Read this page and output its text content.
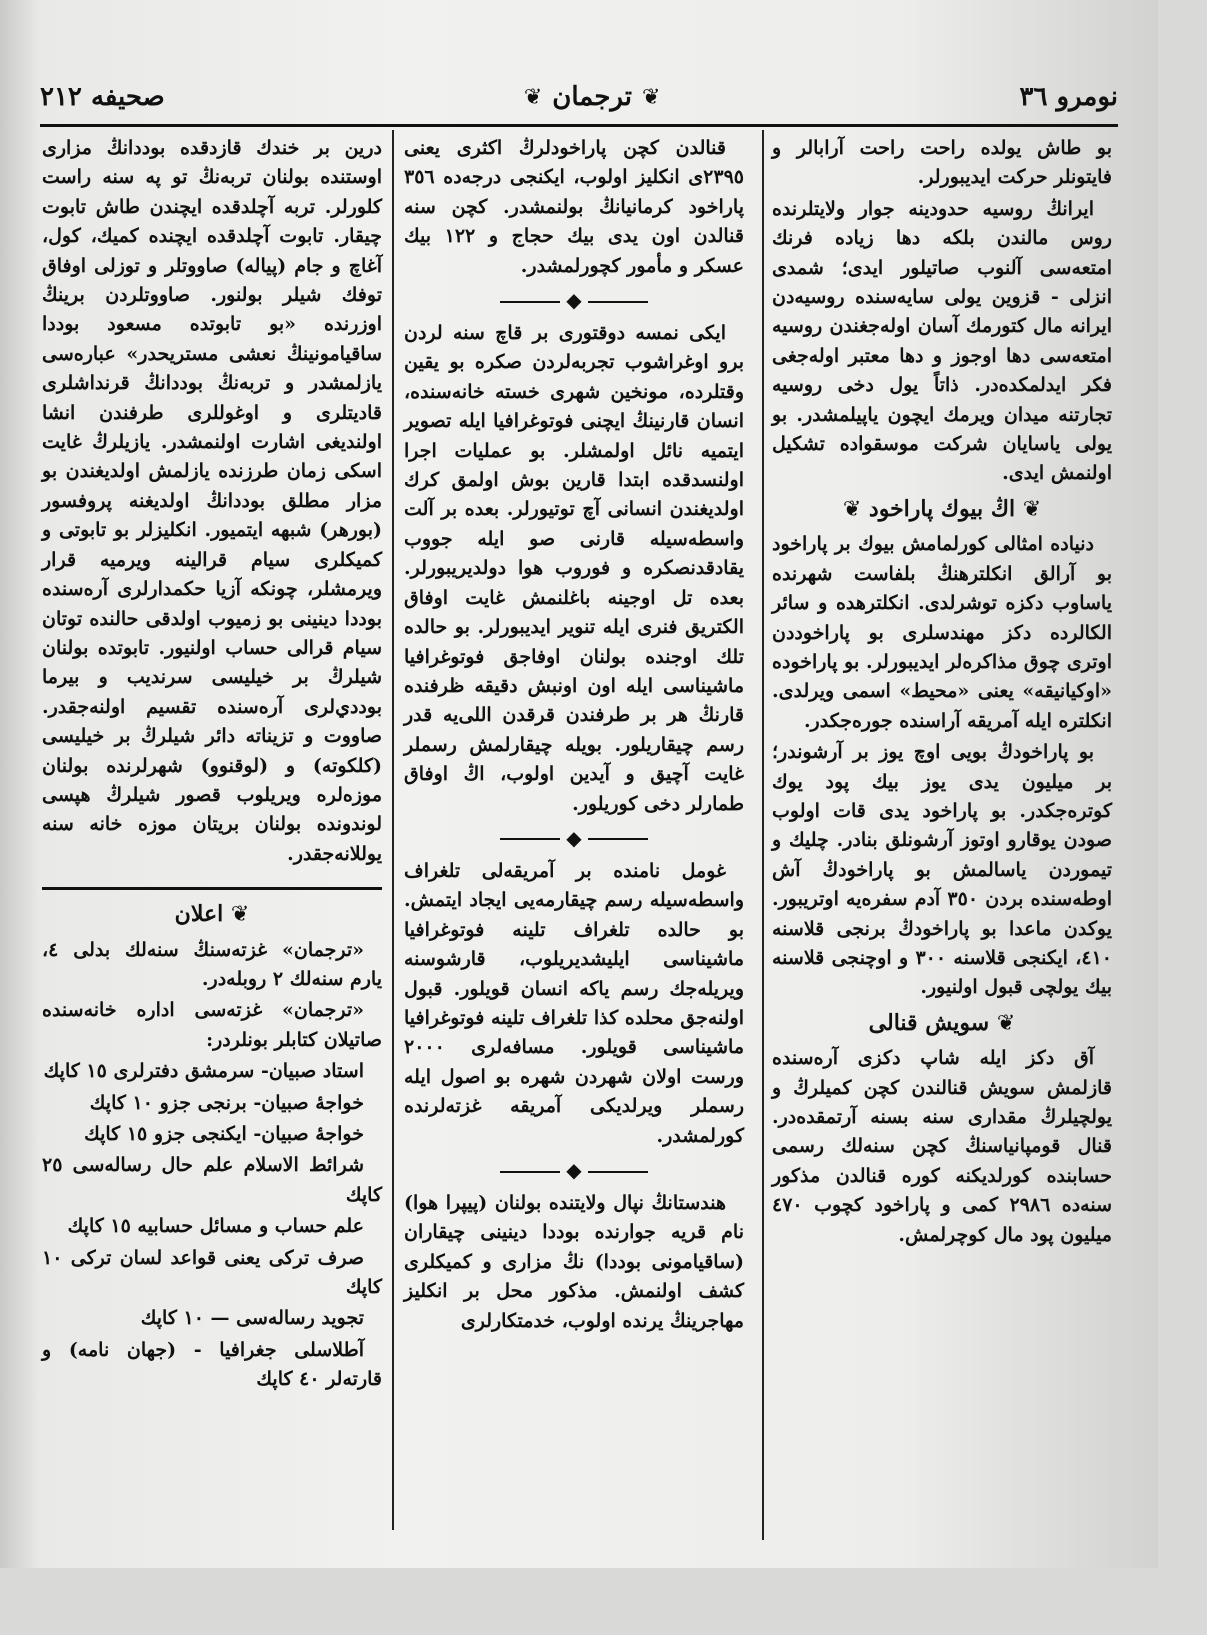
نومرو ٣٦
❦
ترجمان
❦
صحيفه ٢١٢

بو طاش يولده راحت راحت آرابالر و فايتونلر حرکت ايديبورلر.

ايرانڭ روسيه حدودينه جوار ولايتلرنده روس مالندن بلکه دها زياده فرنك امتعه‌سی آلنوب صاتيلور ايدی؛ شمدی انزلی - قزوين يولی سايه‌سنده روسيه‌دن ايرانه مال کتورمك آسان اوله‌جغندن روسيه امتعه‌سی دها اوجوز و دها معتبر اوله‌جغی فکر ايدلمکده‌در. ذاتاً يول دخی روسيه تجارتنه ميدان ويرمك ايچون ياپيلمشدر. بو يولی ياسايان شرکت موسقواده تشکيل اولنمش ايدی.

❦ اڭ بيوك پاراخود ❦

دنياده امثالی کورلمامش بيوك بر پاراخود بو آرالق انکلترهنڭ بلفاست شهرنده ياساوب دکزه توشرلدی. انکلترهده و سائر الکالرده دکز مهندسلری بو پاراخوددن اوتری چوق مذاکره‌لر ايديبورلر. بو پاراخوده «اوکيانيقه» يعنی «محيط» اسمی ويرلدی. انکلتره ايله آمريقه آراسنده جوره‌جکدر.

بو پاراخودڭ بويی اوچ يوز بر آرشوندر؛ بر ميليون يدی يوز بيك پود يوك کوتره‌جکدر. بو پاراخود يدی قات اولوب صودن يوقارو اوتوز آرشونلق بنادر. چليك و تيموردن ياسالمش بو پاراخودڭ آش اوطه‌سنده بردن ٣٥٠ آدم سفره‌يه اوتريبور. يوکدن ماعدا بو پاراخودڭ برنجی قلاسنه ٤١٠، ايکنجی قلاسنه ٣٠٠ و اوچنجی قلاسنه بيك يولچی قبول اولنيور.

❦ سويش قنالی

آق دکز ايله شاپ دکزی آره‌سنده قازلمش سويش قنالندن کچن کميلرڭ و يولچيلرڭ مقداری سنه بسنه آرتمقده‌در. قنال قومپانياسنڭ کچن سنه‌لك رسمی حسابنده کورلديکنه کوره قنالدن مذکور سنه‌ده ٢٩٨٦ کمی و پاراخود کچوب ٤٧٠ ميليون پود مال کوچرلمش.

قنالدن کچن پاراخودلرڭ اکثری يعنی ٢٣٩٥ی انکليز اولوب، ايکنجی درجه‌ده ٣٥٦ پاراخود کرمانيانڭ بولنمشدر. کچن سنه قنالدن اون يدی بيك حجاج و ١٢٢ بيك عسکر و مأمور کچورلمشدر.

◆

ايکی نمسه دوقتوری بر قاچ سنه لردن برو اوغراشوب تجربه‌لردن صکره بو يقين وقتلرده، مونخين شهری خسته خانه‌سنده، انسان قارنينڭ ايچنی فوتوغرافيا ايله تصوير ايتميه نائل اولمشلر. بو عمليات اجرا اولنسدقده ابتدا قارين بوش اولمق کرك اولديغندن انسانی آچ توتيورلر. بعده بر آلت واسطه‌سيله قارنی صو ايله جووب يقادقدنصکره و فوروب هوا دولديريبورلر. بعده تل اوجينه باغلنمش غايت اوفاق الکتريق فنری ايله تنوير ايديبورلر. بو حالده تلك اوجنده بولنان اوفاجق فوتوغرافيا ماشيناسی ايله اون اونبش دقيقه ظرفنده قارنڭ هر بر طرفندن قرقدن اللی‌يه قدر رسم چيقاريلور. بويله چيقارلمش رسملر غايت آچيق و آيدين اولوب، اڭ اوفاق طمارلر دخی کوريلور.

◆

غومل نامنده بر آمريقه‌لی تلغراف واسطه‌سيله رسم چيقارمه‌يی ايجاد ايتمش. بو حالده تلغراف تلينه فوتوغرافيا ماشيناسی ايليشديريلوب، قارشوسنه ويريله‌جك رسم ياکه انسان قويلور. قبول اولنه‌جق محلده کذا تلغراف تلينه فوتوغرافيا ماشيناسی قويلور. مسافه‌لری ٢٠٠٠ ورست اولان شهردن شهره بو اصول ايله رسملر ويرلديکی آمريقه غزته‌لرنده کورلمشدر.

◆

هندستانڭ نپال ولايتنده بولنان (پيپرا هوا) نام قريه جوارنده بوددا دينينی چيقاران (ساقيامونی بوددا) نڭ مزاری و کميکلری کشف اولنمش. مذکور محل بر انکليز مهاجرينڭ يرنده اولوب، خدمتکارلری

درين بر خندك قازدقده بوددانڭ مزاری اوستنده بولنان تربه‌نڭ تو په سنه راست کلورلر. تربه آچلدقده ايچندن طاش تابوت چيقار. تابوت آچلدقده ايچنده کميك، کول، آغاچ و جام (پياله) صاووتلر و توزلی اوفاق توفك شيلر بولنور. صاووتلردن برينڭ اوزرنده «بو تابوتده مسعود بوددا ساقيامونينڭ نعشی مستريحدر» عباره‌سی يازلمشدر و تربه‌نڭ بوددانڭ قرنداشلری قاديتلری و اوغوللری طرفندن انشا اولنديغی اشارت اولنمشدر. يازيلرڭ غايت اسکی زمان طرزنده يازلمش اولديغندن بو مزار مطلق بوددانڭ اولديغنه پروفسور (بورهر) شبهه ايتميور. انکليزلر بو تابوتی و کميکلری سيام قرالينه ويرميه قرار ويرمشلر، چونکه آزيا حکمدارلری آره‌سنده بوددا دينينی بو زميوب اولدقی حالنده توتان سيام قرالی حساب اولنيور. تابوتده بولنان شيلرڭ بر خيليسی سرنديب و بيرما بوددي‌لری آره‌سنده تقسيم اولنه‌جقدر. صاووت و تزيناته دائر شيلرڭ بر خيليسی (کلکوته) و (لوقنوو) شهرلرنده بولنان موزه‌لره ويريلوب قصور شيلرڭ هپسی لوندونده بولنان بريتان موزه خانه سنه يوللانه‌جقدر.

❦ اعلان

«ترجمان» غزته‌سنڭ سنه‌لك بدلی ٤، يارم سنه‌لك ٢ روبله‌در.

«ترجمان» غزته‌سی اداره خانه‌سنده صاتيلان کتابلر بونلردر:

استاد صبيان- سرمشق دفترلری ١٥ کاپك

خواجهٔ صبيان- برنجی جزو ١٠ کاپك

خواجهٔ صبيان- ايکنجی جزو ١٥ کاپك

شرائط الاسلام علم حال رساله‌سی ٢٥ کاپك

علم حساب و مسائل حسابيه ١٥ کاپك

صرف ترکی يعنی قواعد لسان ترکی ١٠ کاپك

تجويد رساله‌سی — ١٠ کاپك

آطلاسلی جغرافيا - (جهان نامه) و قارته‌لر ٤٠ کاپك
